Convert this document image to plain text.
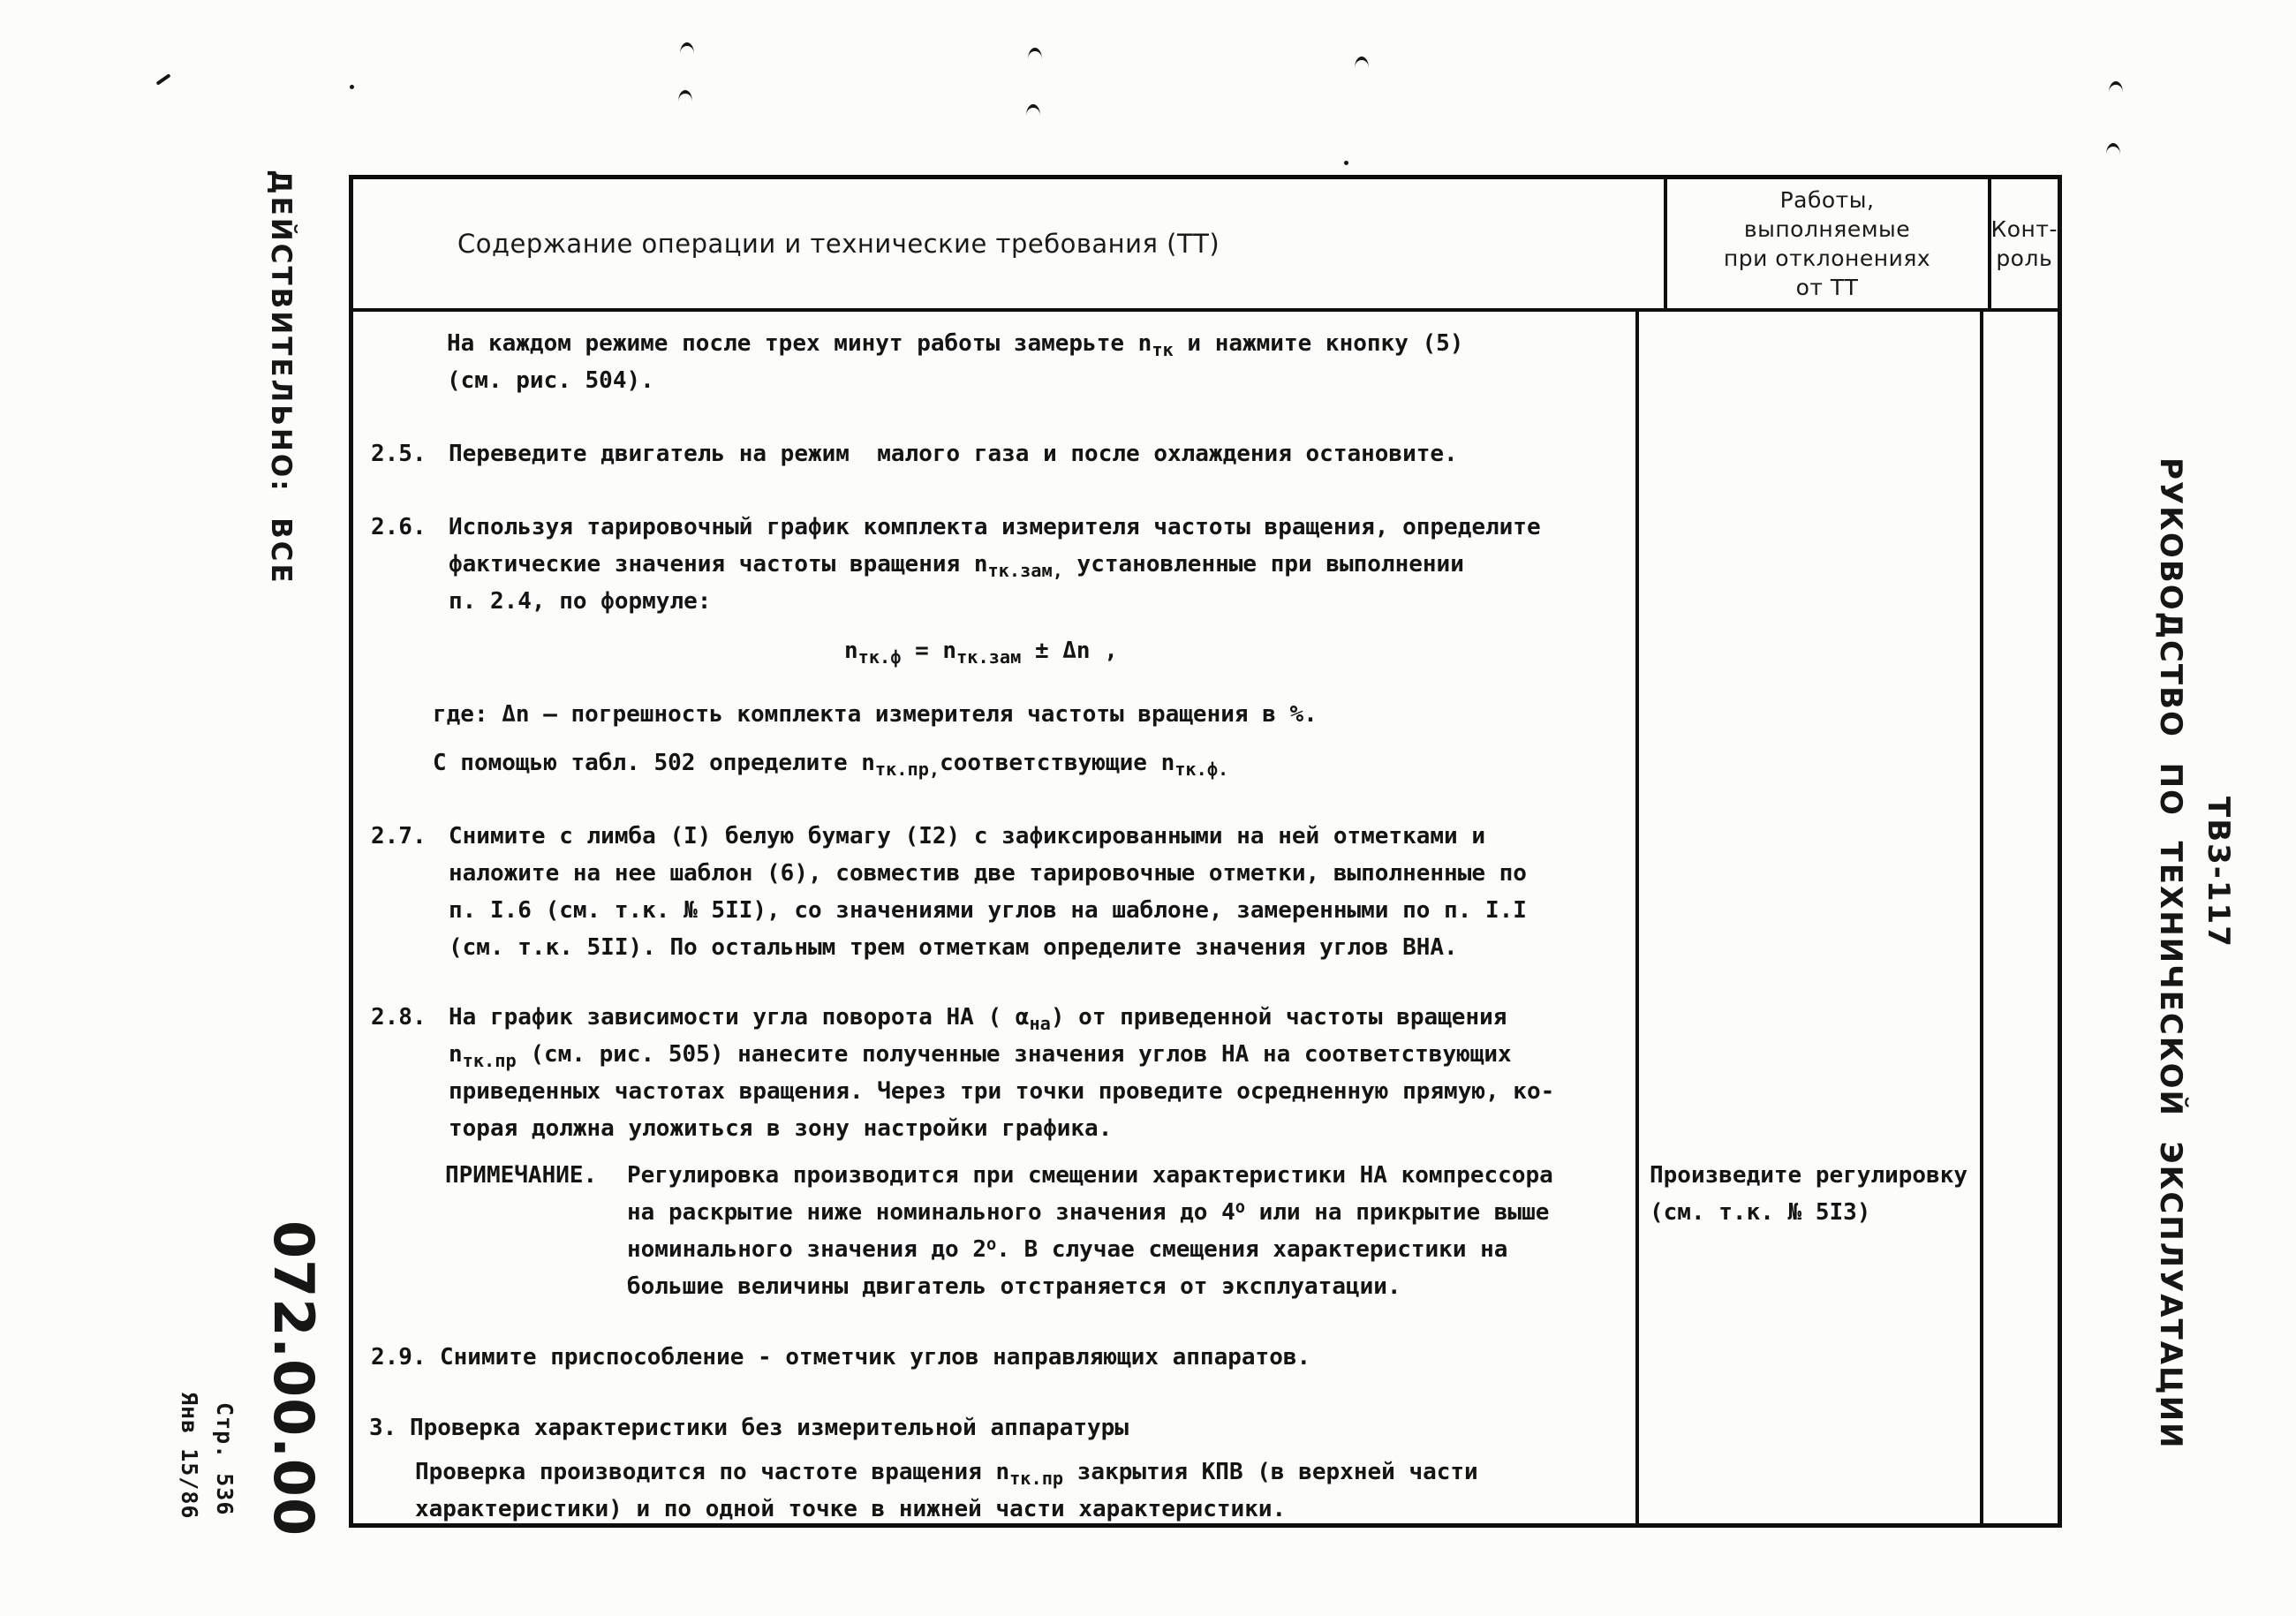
ДЕЙСТВИТЕЛЬНО:  ВСЕ
072.00.00
Стр. 536
Янв 15/86
РУКОВОДСТВО  ПО  ТЕХНИЧЕСКОЙ  ЭКСПЛУАТАЦИИ ТВ3-117
Содержание операции и технические требования (ТТ)
Работы,
выполняемые
при отклонениях
от ТТ
Конт-
роль
На каждом режиме после трех минут работы замерьте $n_{тк}$ и нажмите кнопку (5)
(см. рис. 504).
2.5. Переведите двигатель на режим  малого газа и после охлаждения остановите.
2.6. Используя тарировочный график комплекта измерителя частоты вращения, определите
фактические значения частоты вращения $n_{тк.зам,}$ установленные при выполнении
п. 2.4, по формуле:
$n_{тк.ф} = n_{тк.зам} \pm \Delta n$ ,
где: Δn – погрешность комплекта измерителя частоты вращения в %.
С помощью табл. 502 определите $n_{тк.пр,}соответствующие$ $n_{тк.ф.}$
2.7. Снимите с лимба (I) белую бумагу (I2) с зафиксированными на ней отметками и
наложите на нее шаблон (6), совместив две тарировочные отметки, выполненные по
п. I.6 (см. т.к. № 5II), со значениями углов на шаблоне, замеренными по п. I.I
(см. т.к. 5II). По остальным трем отметкам определите значения углов ВНА.
2.8. На график зависимости угла поворота НА ( $\alpha_{на}$) от приведенной частоты вращения
$n_{тк.пр}$ (см. рис. 505) нанесите полученные значения углов НА на соответствующих
приведенных частотах вращения. Через три точки проведите осредненную прямую, ко-
торая должна уложиться в зону настройки графика.
ПРИМЕЧАНИЕ. Регулировка производится при смещении характеристики НА компрессора
на раскрытие ниже номинального значения до $4^о$ или на прикрытие выше
номинального значения до $2^о$. В случае смещения характеристики на
большие величины двигатель отстраняется от эксплуатации.
2.9. Снимите приспособление - отметчик углов направляющих аппаратов.
3. Проверка характеристики без измерительной аппаратуры
Проверка производится по частоте вращения $n_{тк.пр}$ закрытия КПВ (в верхней части
характеристики) и по одной точке в нижней части характеристики.
Произведите регулировку
(см. т.к. № 5I3)
